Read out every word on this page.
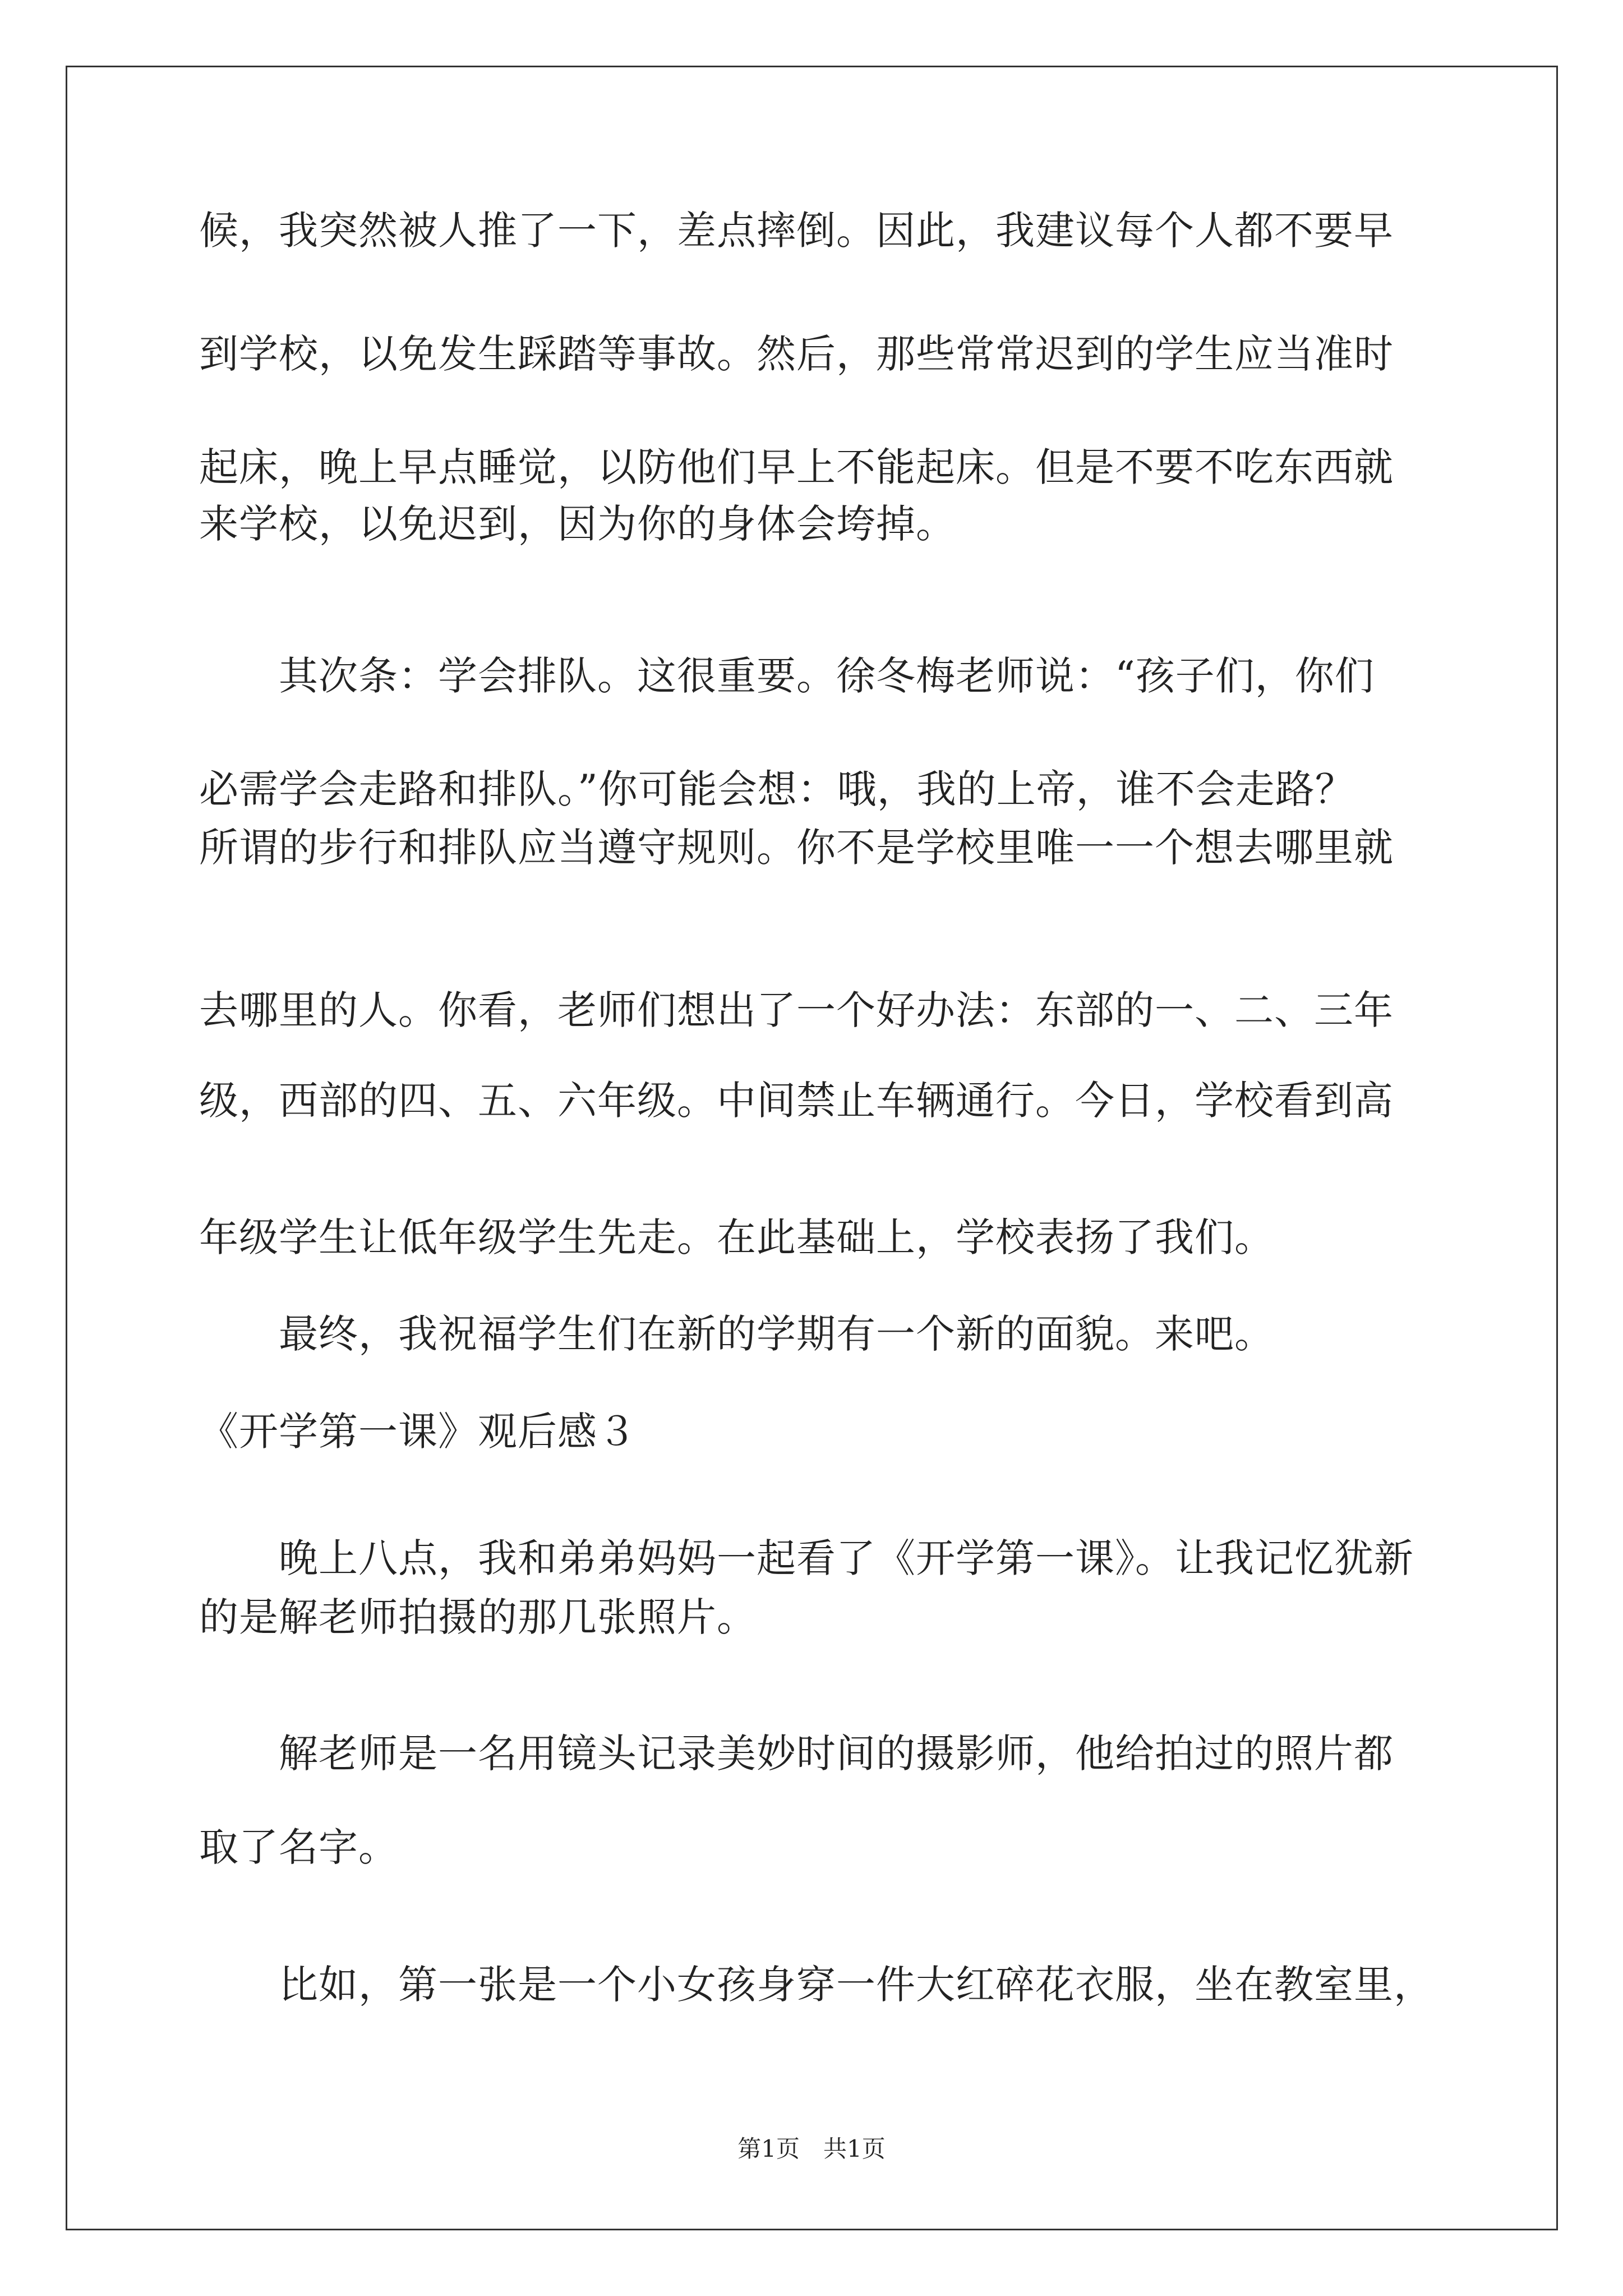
候，我突然被人推了一下，差点摔倒。因此，我建议每个人都不要早
到学校，以免发生踩踏等事故。然后，那些常常迟到的学生应当准时
起床，晚上早点睡觉，以防他们早上不能起床。但是不要不吃东西就
来学校，以免迟到，因为你的身体会垮掉。
　　其次条：学会排队。这很重要。徐冬梅老师说：“孩子们，你们
必需学会走路和排队。”你可能会想：哦，我的上帝，谁不会走路？
所谓的步行和排队应当遵守规则。你不是学校里唯一一个想去哪里就
去哪里的人。你看，老师们想出了一个好办法：东部的一、二、三年
级，西部的四、五、六年级。中间禁止车辆通行。今日，学校看到高
年级学生让低年级学生先走。在此基础上，学校表扬了我们。
　　最终，我祝福学生们在新的学期有一个新的面貌。来吧。
《开学第一课》观后感３
　　晚上八点，我和弟弟妈妈一起看了《开学第一课》。让我记忆犹新
的是解老师拍摄的那几张照片。
　　解老师是一名用镜头记录美妙时间的摄影师，他给拍过的照片都
取了名字。
　　比如，第一张是一个小女孩身穿一件大红碎花衣服，坐在教室里，
第1页　共1页
